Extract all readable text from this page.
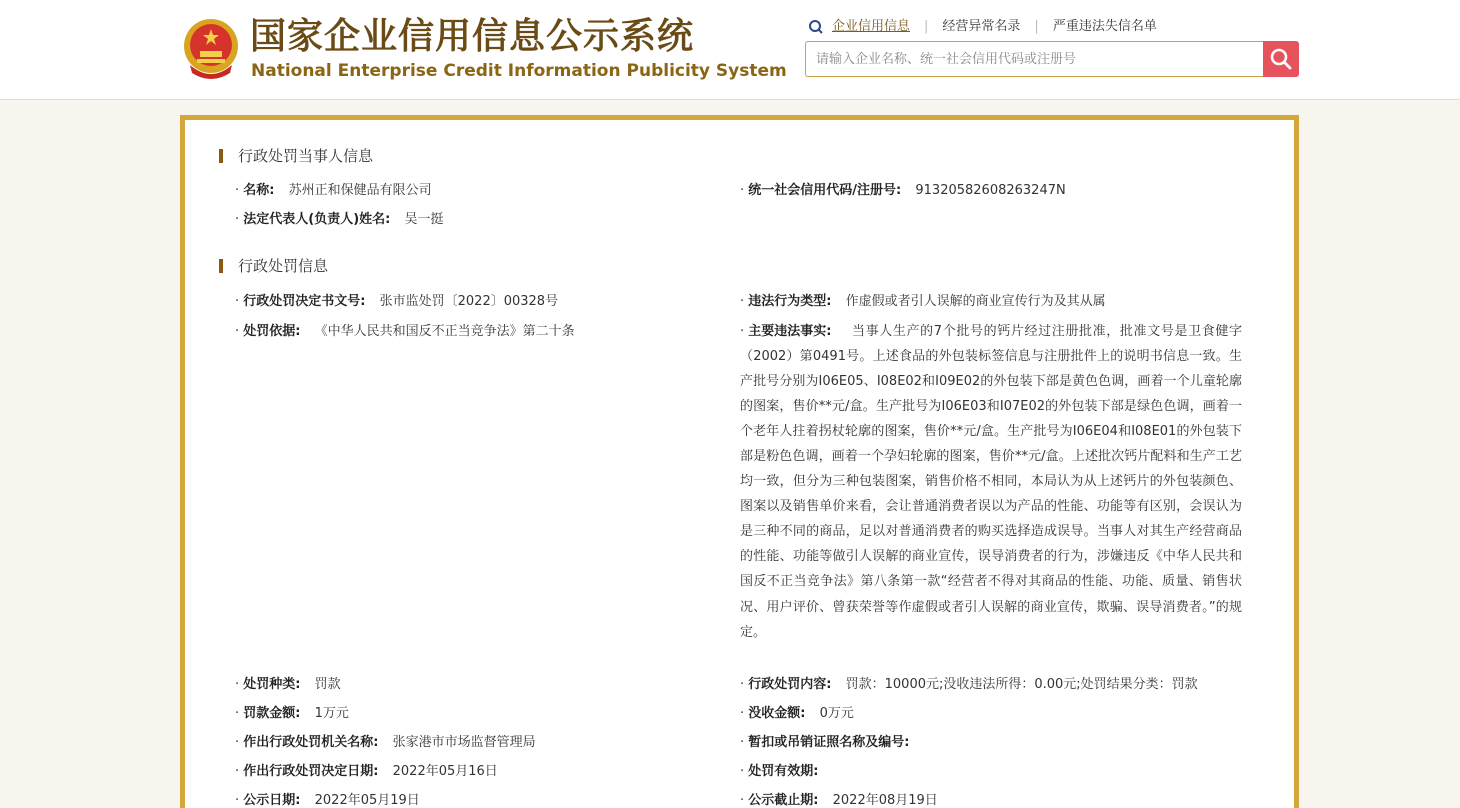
国家企业信用信息公示系统
National Enterprise Credit Information Publicity System
企业信用信息 | 经营异常名录 | 严重违法失信名单
请输入企业名称、统一社会信用代码或注册号
行政处罚当事人信息
· 名称: 苏州正和保健品有限公司	· 统一社会信用代码/注册号: 91320582608263247N
· 法定代表人(负责人)姓名: 吴一挺
行政处罚信息
· 行政处罚决定书文号: 张市监处罚〔2022〕00328号	· 违法行为类型: 作虚假或者引人误解的商业宣传行为及其从属
· 处罚依据: 《中华人民共和国反不正当竞争法》第二十条	· 主要违法事实:	当事人生产的7个批号的钙片经过注册批准，批准文号是卫食健字（2002）第0491号。上述食品的外包装标签信息与注册批件上的说明书信息一致。生产批号分别为I06E05、I08E02和I09E02的外包装下部是黄色色调，画着一个儿童轮廓的图案，售价**元/盒。生产批号为I06E03和I07E02的外包装下部是绿色色调，画着一个老年人拄着拐杖轮廓的图案，售价**元/盒。生产批号为I06E04和I08E01的外包装下部是粉色色调，画着一个孕妇轮廓的图案，售价**元/盒。上述批次钙片配料和生产工艺均一致，但分为三种包装图案，销售价格不相同，本局认为从上述钙片的外包装颜色、图案以及销售单价来看，会让普通消费者误以为产品的性能、功能等有区别，会误认为是三种不同的商品，足以对普通消费者的购买选择造成误导。当事人对其生产经营商品的性能、功能等做引人误解的商业宣传，误导消费者的行为，涉嫌违反《中华人民共和国反不正当竞争法》第八条第一款“经营者不得对其商品的性能、功能、质量、销售状况、用户评价、曾获荣誉等作虚假或者引人误解的商业宣传，欺骗、误导消费者。”的规定。
· 处罚种类: 罚款	· 行政处罚内容: 罚款：10000元;没收违法所得：0.00元;处罚结果分类：罚款
· 罚款金额: 1万元	· 没收金额: 0万元
· 作出行政处罚机关名称: 张家港市市场监督管理局	· 暂扣或吊销证照名称及编号:
· 作出行政处罚决定日期: 2022年05月16日	· 处罚有效期:
· 公示日期: 2022年05月19日	· 公示截止期: 2022年08月19日
